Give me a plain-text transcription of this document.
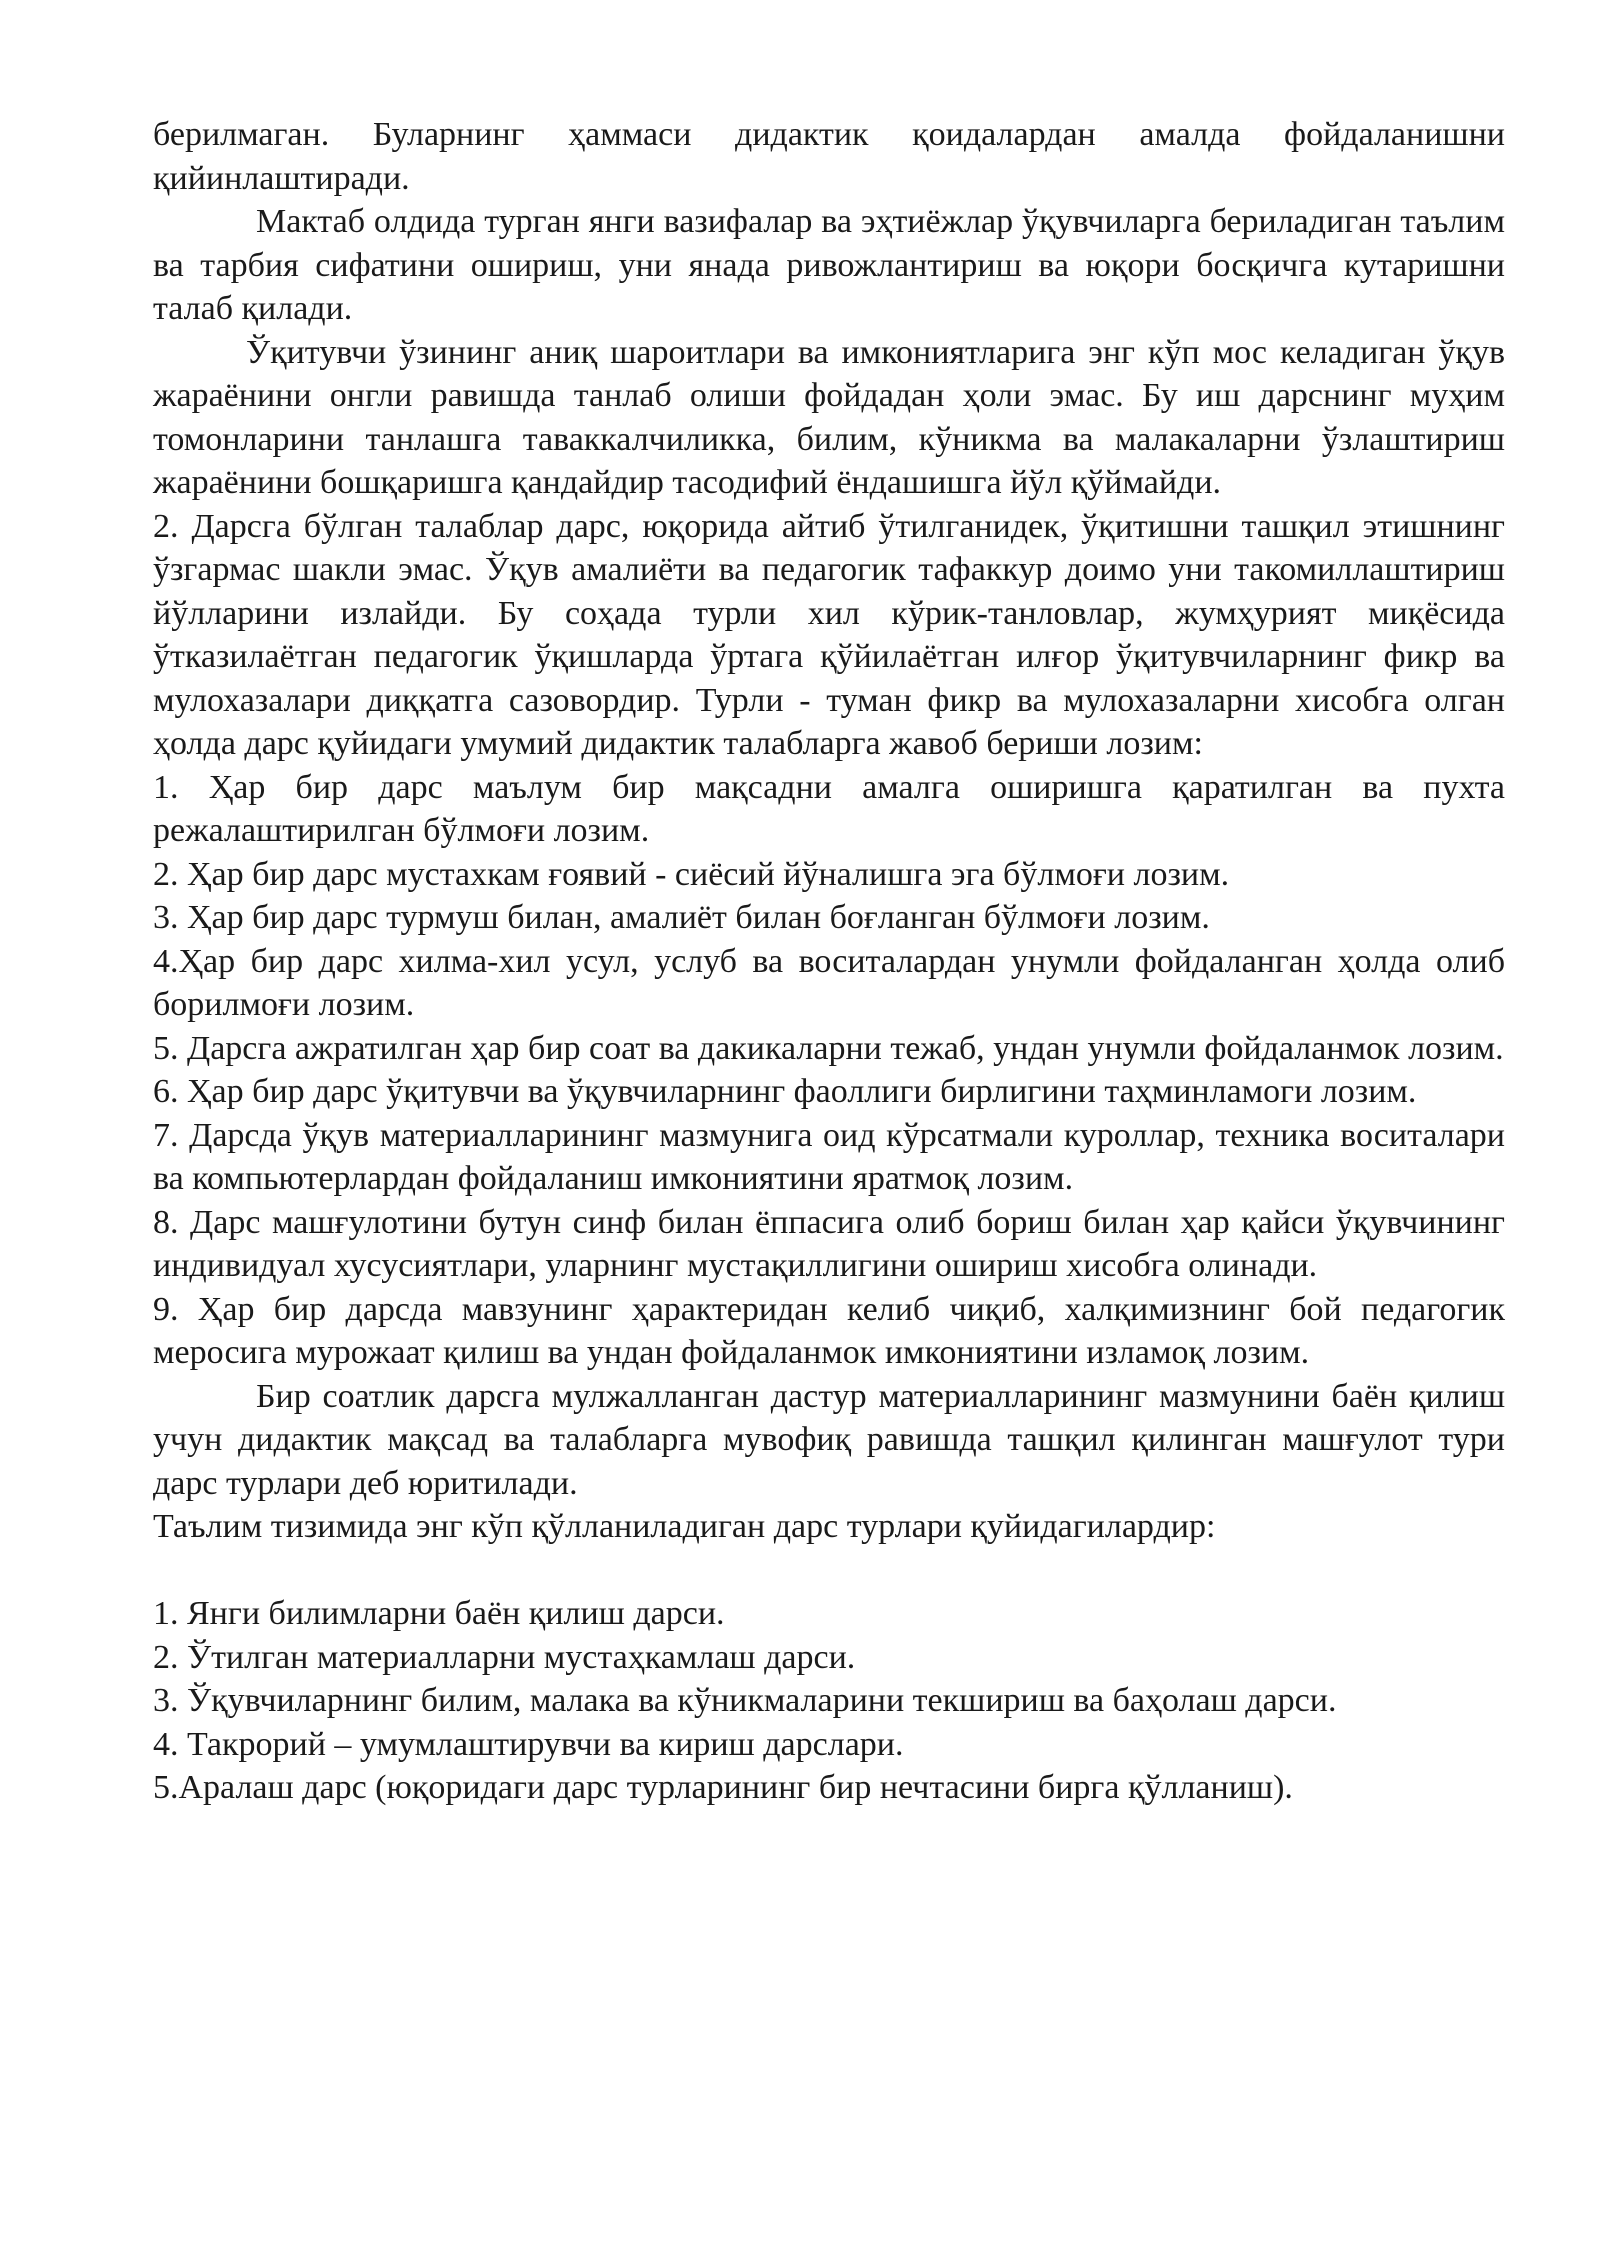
берилмаган. Буларнинг ҳаммаси дидактик қоидалардан амалда фойдаланишни қийинлаштиради.

Мактаб олдида турган янги вазифалар ва эҳтиёжлар ўқувчиларга бериладиган таълим ва тарбия сифатини ошириш, уни янада ривожлантириш ва юқори босқичга кутаришни талаб қилади.

Ўқитувчи ўзининг аниқ шароитлари ва имкониятларига энг кўп мос келадиган ўқув жараёнини онгли равишда танлаб олиши фойдадан ҳоли эмас. Бу иш дарснинг муҳим томонларини танлашга таваккалчиликка, билим, кўникма ва малакаларни ўзлаштириш жараёнини бошқаришга қандайдир тасодифий ёндашишга йўл қўймайди.

2. Дарсга бўлган талаблар дарс, юқорида айтиб ўтилганидек, ўқитишни ташқил этишнинг ўзгармас шакли эмас. Ўқув амалиёти ва педагогик тафаккур доимо уни такомиллаштириш йўлларини излайди. Бу соҳада турли хил кўрик-танловлар, жумҳурият миқёсида ўтказилаётган педагогик ўқишларда ўртага қўйилаётган илғор ўқитувчиларнинг фикр ва мулохазалари диққатга сазовордир. Турли - туман фикр ва мулохазаларни хисобга олган ҳолда дарс қуйидаги умумий дидактик талабларга жавоб бериши лозим:

1. Ҳар бир дарс маълум бир мақсадни амалга оширишга қаратилган ва пухта режалаштирилган бўлмоғи лозим.

2. Ҳар бир дарс мустахкам ғоявий - сиёсий йўналишга эга бўлмоғи лозим.

3. Ҳар бир дарс турмуш билан, амалиёт билан боғланган бўлмоғи лозим.

4.Ҳар бир дарс хилма-хил усул, услуб ва воситалардан унумли фойдаланган ҳолда олиб борилмоғи лозим.

5. Дарсга ажратилган ҳар бир соат ва дакикаларни тежаб, ундан унумли фойдаланмок лозим.

6. Ҳар бир дарс ўқитувчи ва ўқувчиларнинг фаоллиги бирлигини таҳминламоги лозим.

7. Дарсда ўқув материалларининг мазмунига оид кўрсатмали куроллар, техника воситалари ва компьютерлардан фойдаланиш имкониятини яратмоқ лозим.

8. Дарс машғулотини бутун синф билан ёппасига олиб бориш билан ҳар қайси ўқувчининг индивидуал хусусиятлари, уларнинг мустақиллигини ошириш хисобга олинади.

9. Ҳар бир дарсда мавзунинг ҳарактеридан келиб чиқиб, халқимизнинг бой педагогик меросига мурожаат қилиш ва ундан фойдаланмок имкониятини изламоқ лозим.

Бир соатлик дарсга мулжалланган дастур материалларининг мазмунини баён қилиш учун дидактик мақсад ва талабларга мувофиқ равишда ташқил қилинган машғулот тури дарс турлари деб юритилади.

Таълим тизимида энг кўп қўлланиладиган дарс турлари қуйидагилардир:

1. Янги билимларни баён қилиш дарси.

2. Ўтилган материалларни мустаҳкамлаш дарси.

3. Ўқувчиларнинг билим, малака ва кўникмаларини текшириш ва баҳолаш дарси.

4. Такрорий – умумлаштирувчи ва кириш дарслари.

5.Аралаш дарс (юқоридаги дарс турларининг бир нечтасини бирга қўлланиш).
